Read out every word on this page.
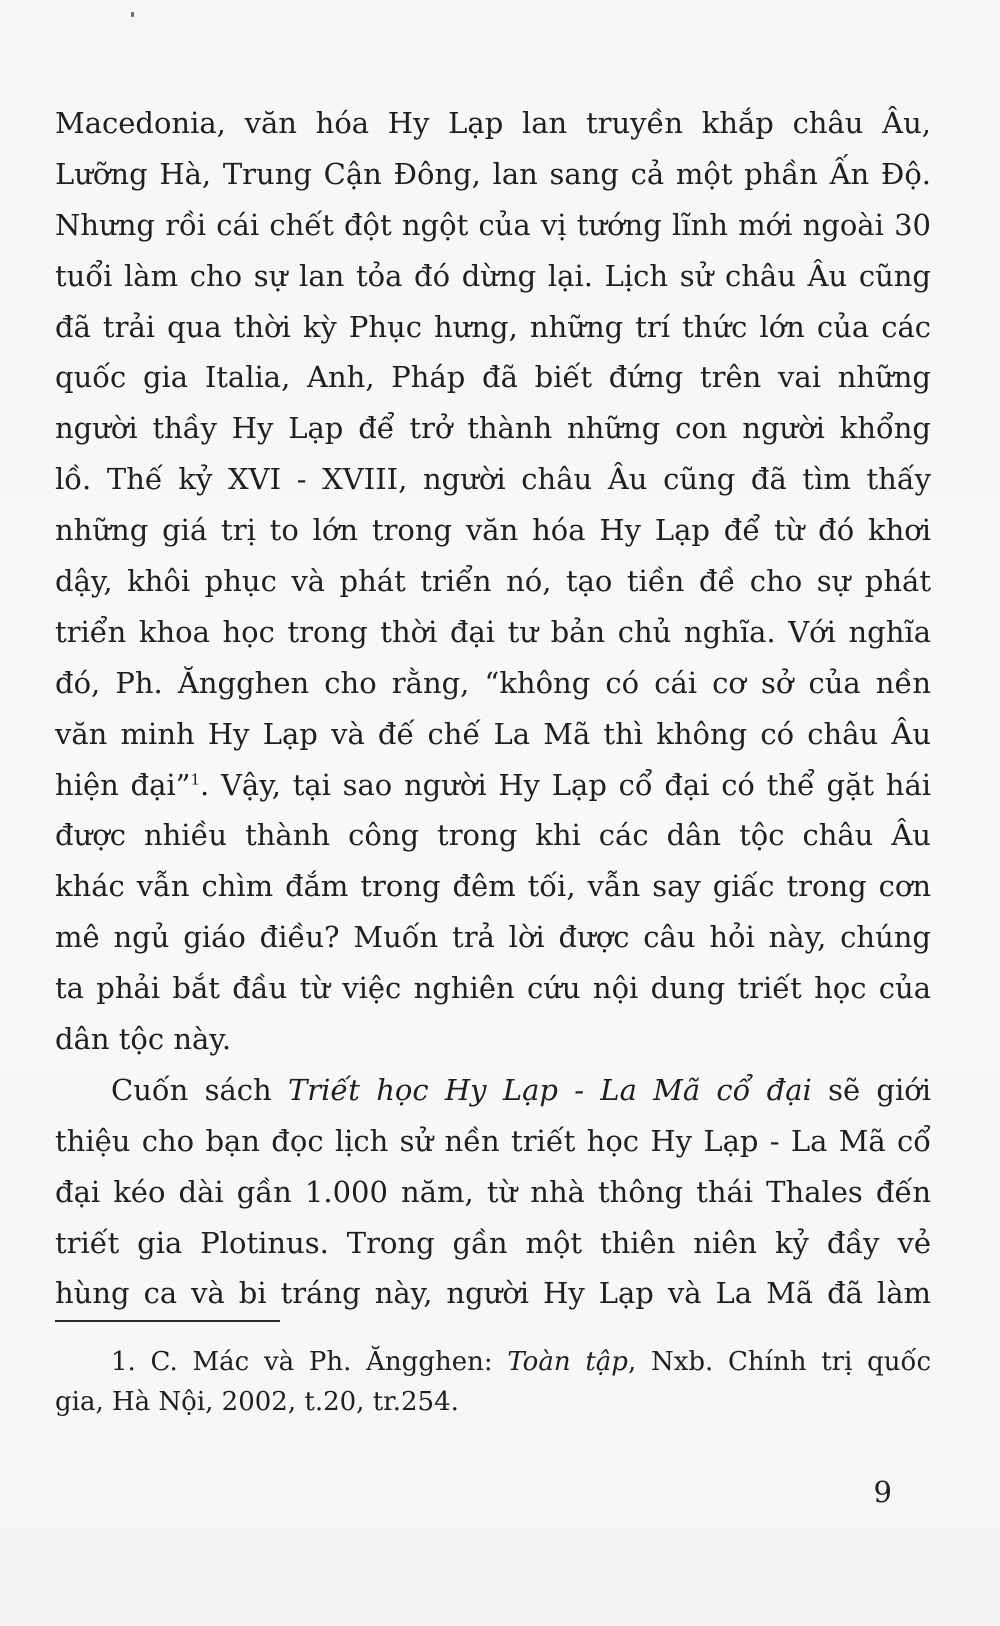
Macedonia, văn hóa Hy Lạp lan truyền khắp châu Âu,
Lưỡng Hà, Trung Cận Đông, lan sang cả một phần Ấn Độ.
Nhưng rồi cái chết đột ngột của vị tướng lĩnh mới ngoài 30
tuổi làm cho sự lan tỏa đó dừng lại. Lịch sử châu Âu cũng
đã trải qua thời kỳ Phục hưng, những trí thức lớn của các
quốc gia Italia, Anh, Pháp đã biết đứng trên vai những
người thầy Hy Lạp để trở thành những con người khổng
lồ. Thế kỷ XVI - XVIII, người châu Âu cũng đã tìm thấy
những giá trị to lớn trong văn hóa Hy Lạp để từ đó khơi
dậy, khôi phục và phát triển nó, tạo tiền đề cho sự phát
triển khoa học trong thời đại tư bản chủ nghĩa. Với nghĩa
đó, Ph. Ăngghen cho rằng, “không có cái cơ sở của nền
văn minh Hy Lạp và đế chế La Mã thì không có châu Âu
hiện đại”$^1$. Vậy, tại sao người Hy Lạp cổ đại có thể gặt hái
được nhiều thành công trong khi các dân tộc châu Âu
khác vẫn chìm đắm trong đêm tối, vẫn say giấc trong cơn
mê ngủ giáo điều? Muốn trả lời được câu hỏi này, chúng
ta phải bắt đầu từ việc nghiên cứu nội dung triết học của
dân tộc này.
Cuốn sách Triết học Hy Lạp - La Mã cổ đại sẽ giới
thiệu cho bạn đọc lịch sử nền triết học Hy Lạp - La Mã cổ
đại kéo dài gần 1.000 năm, từ nhà thông thái Thales đến
triết gia Plotinus. Trong gần một thiên niên kỷ đầy vẻ
hùng ca và bi tráng này, người Hy Lạp và La Mã đã làm
1. C. Mác và Ph. Ăngghen: Toàn tập, Nxb. Chính trị quốc
gia, Hà Nội, 2002, t.20, tr.254.
9
